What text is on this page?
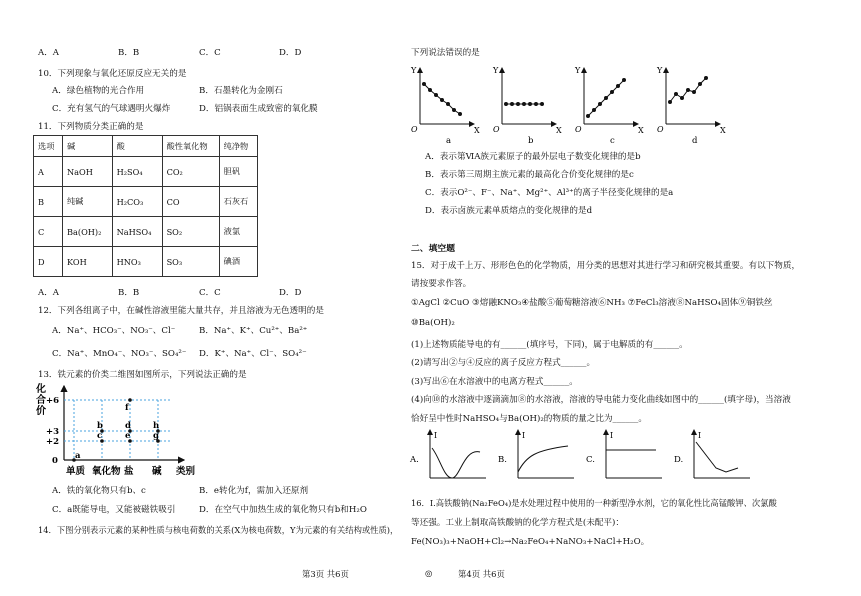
A．A	B．B	C．C	D．D
10．下列现象与氧化还原反应无关的是
A．绿色植物的光合作用	B．石墨转化为金刚石
C．充有氢气的气球遇明火爆炸	D．铝锅表面生成致密的氧化膜
11．下列物质分类正确的是
选项	碱	酸	酸性氧化物	纯净物
A	NaOH	H₂SO₄	CO₂	胆矾
B	纯碱	H₂CO₃	CO	石灰石
C	Ba(OH)₂	NaHSO₄	SO₂	液氯
D	KOH	HNO₃	SO₃	碘酒
A．A	B．B	C．C	D．D
12．下列各组离子中，在碱性溶液里能大量共存，并且溶液为无色透明的是
A．Na⁺、HCO₃⁻、NO₃⁻、Cl⁻	B．Na⁺、K⁺、Cu²⁺、Ba²⁺
C．Na⁺、MnO₄⁻、NO₃⁻、SO₄²⁻ D．K⁺、Na⁺、Cl⁻、SO₄²⁻
13．铁元素的价类二维图如图所示，下列说法正确的是
化
合
价
+6
+3
+2
0 a
b
c
d
e
f
g
h
单质 氧化物 盐 碱 类别
A．铁的氧化物只有b、c	B．e转化为f，需加入还原剂
C．a既能导电，又能被磁铁吸引	D．在空气中加热生成的氧化物只有b和H₂O
14．下图分别表示元素的某种性质与核电荷数的关系(X为核电荷数，Y为元素的有关结构或性质)，
下列说法错误的是
Y
X
O
a
Y
X
O
b
Y
X
O
c
Y
X
O
d
A．表示第ⅥA族元素原子的最外层电子数变化规律的是b
B．表示第三周期主族元素的最高化合价变化规律的是c
C．表示O²⁻、F⁻、Na⁺、Mg²⁺、Al³⁺的离子半径变化规律的是a
D．表示卤族元素单质熔点的变化规律的是d
二、填空题
15．对于成千上万、形形色色的化学物质，用分类的思想对其进行学习和研究极其重要。有以下物质，
请按要求作答。
①AgCl ②CuO ③熔融KNO₃④盐酸⑤葡萄糖溶液⑥NH₃ ⑦FeCl₃溶液⑧NaHSO₄固体⑨铜铁丝
⑩Ba(OH)₂
(1)上述物质能导电的有______(填序号，下同)，属于电解质的有______。
(2)请写出②与④反应的离子反应方程式______。
(3)写出⑥在水溶液中的电离方程式______。
(4)向⑩的水溶液中逐滴滴加⑧的水溶液，溶液的导电能力变化曲线如图中的______(填字母)，当溶液
恰好呈中性时NaHSO₄与Ba(OH)₂的物质的量之比为______。
A.
I
B.
I
C.
I
D.
I
16．Ⅰ.高铁酸钠(Na₂FeO₄)是水处理过程中使用的一种新型净水剂，它的氧化性比高锰酸钾、次氯酸
等还强。工业上制取高铁酸钠的化学方程式是(未配平)：
Fe(NO₃)₃+NaOH+Cl₂→Na₂FeO₄+NaNO₃+NaCl+H₂O。
第3页 共6页	◎	第4页 共6页
